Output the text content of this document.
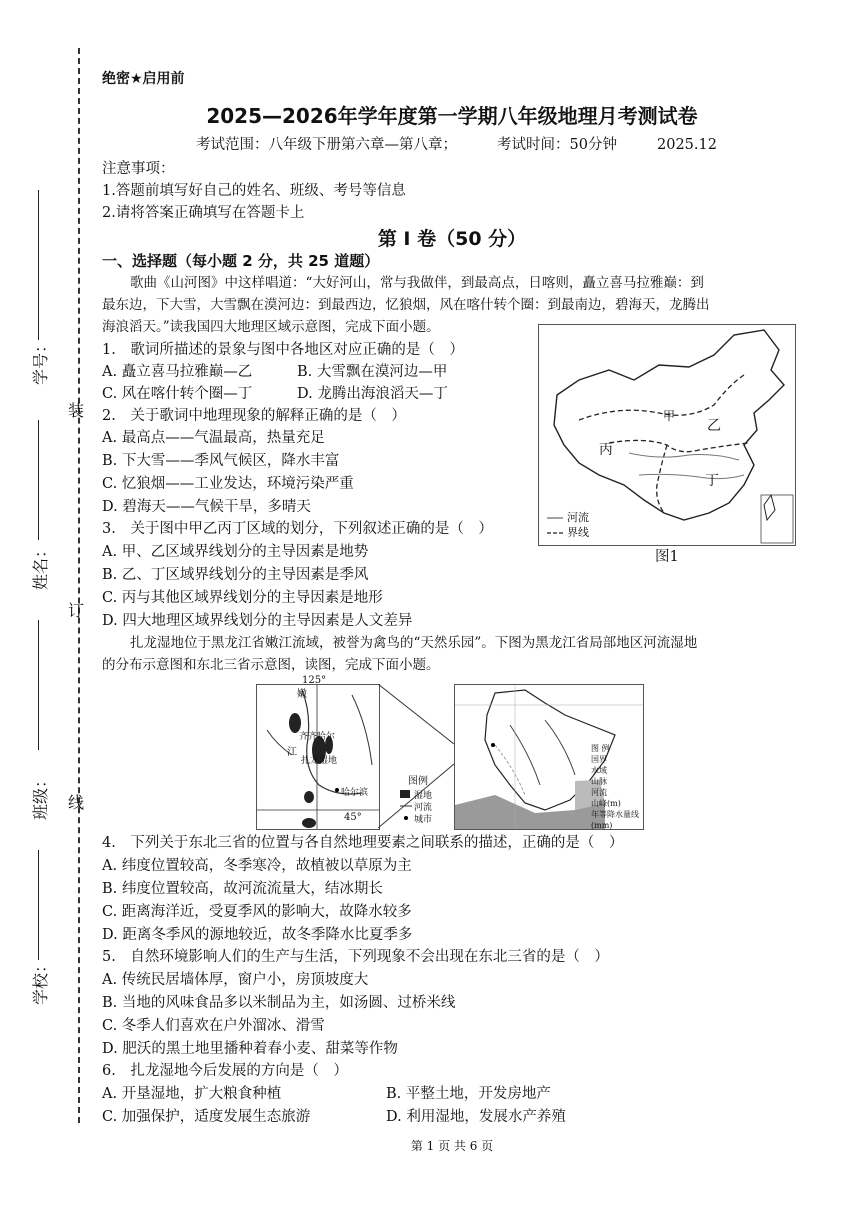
装
订
线
学号：
姓名：
班级：
学校：
绝密★启用前
2025—2026年学年度第一学期八年级地理月考测试卷
考试范围：八年级下册第六章—第八章；	考试时间：50分钟	2025.12
注意事项：
1.答题前填写好自己的姓名、班级、考号等信息
2.请将答案正确填写在答题卡上
第 I 卷（50 分）
一、选择题（每小题 2 分，共 25 道题）
歌曲《山河图》中这样唱道：“大好河山，常与我做伴，到最高点，日喀则，矗立喜马拉雅巅：到
最东边，下大雪，大雪飘在漠河边：到最西边，忆狼烟，风在喀什转个圈：到最南边，碧海天，龙腾出
海浪滔天。”读我国四大地理区域示意图，完成下面小题。
1.　歌词所描述的景象与图中各地区对应正确的是（　）
A. 矗立喜马拉雅巅—乙	B. 大雪飘在漠河边—甲
C. 风在喀什转个圈—丁	D. 龙腾出海浪滔天—丁
2.　关于歌词中地理现象的解释正确的是（　）
A. 最高点——气温最高，热量充足
B. 下大雪——季风气候区，降水丰富
C. 忆狼烟——工业发达，环境污染严重
D. 碧海天——气候干旱，多晴天
3.　关于图中甲乙丙丁区域的划分，下列叙述正确的是（　）
A. 甲、乙区域界线划分的主导因素是地势
B. 乙、丁区域界线划分的主导因素是季风
C. 丙与其他区域界线划分的主导因素是地形
D. 四大地理区域界线划分的主导因素是人文差异
甲
乙
丙
丁
河流
界线
图1
扎龙湿地位于黑龙江省嫩江流域，被誉为禽鸟的“天然乐园”。下图为黑龙江省局部地区河流湿地
的分布示意图和东北三省示意图，读图，完成下面小题。
125°
嫩
江
齐齐哈尔
扎龙湿地
哈尔滨
图例
45°
湿地
河流
城市
图 例
国界
水域
山脉
河流
山峰(m)
年等降水量线(mm)
4.　下列关于东北三省的位置与各自然地理要素之间联系的描述，正确的是（　）
A. 纬度位置较高，冬季寒冷，故植被以草原为主
B. 纬度位置较高，故河流流量大，结冰期长
C. 距离海洋近，受夏季风的影响大，故降水较多
D. 距离冬季风的源地较近，故冬季降水比夏季多
5.　自然环境影响人们的生产与生活，下列现象不会出现在东北三省的是（　）
A. 传统民居墙体厚，窗户小，房顶坡度大
B. 当地的风味食品多以米制品为主，如汤圆、过桥米线
C. 冬季人们喜欢在户外溜冰、滑雪
D. 肥沃的黑土地里播种着春小麦、甜菜等作物
6.　扎龙湿地今后发展的方向是（　）
A. 开垦湿地，扩大粮食种植	B. 平整土地，开发房地产
C. 加强保护，适度发展生态旅游	D. 利用湿地，发展水产养殖
第 1 页 共 6 页
